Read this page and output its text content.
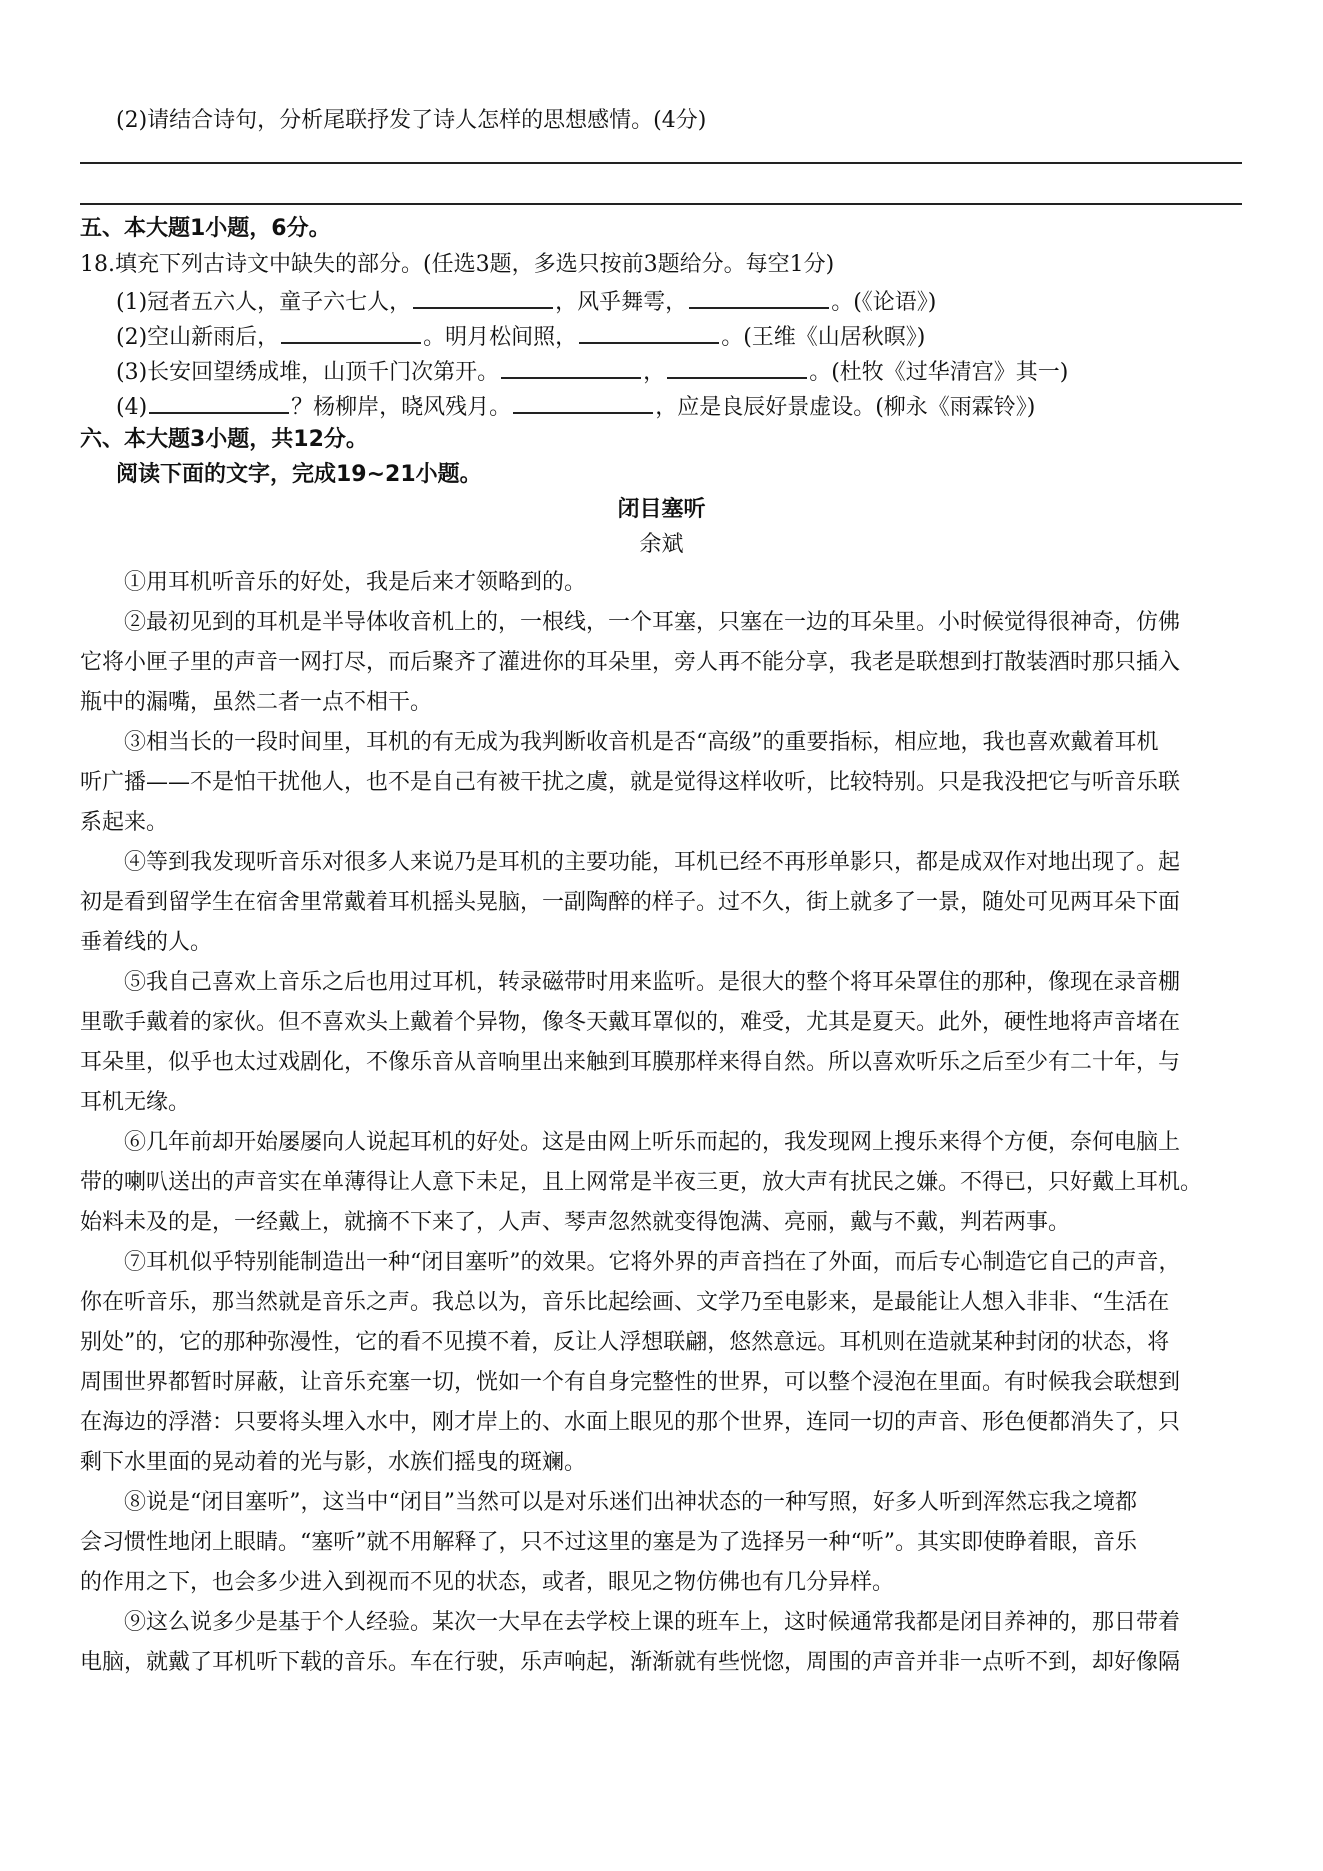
(2)请结合诗句，分析尾联抒发了诗人怎样的思想感情。(4分)
五、本大题1小题，6分。
18.填充下列古诗文中缺失的部分。(任选3题，多选只按前3题给分。每空1分)
(1)冠者五六人，童子六七人，	，风乎舞雩，	。(《论语》)
(2)空山新雨后，	。明月松间照，	。(王维《山居秋暝》)
(3)长安回望绣成堆，山顶千门次第开。	，	。(杜牧《过华清宫》其一)
(4)	？杨柳岸，晓风残月。	，应是良辰好景虚设。(柳永《雨霖铃》)
六、本大题3小题，共12分。
阅读下面的文字，完成19~21小题。
闭目塞听
余斌
①用耳机听音乐的好处，我是后来才领略到的。
②最初见到的耳机是半导体收音机上的，一根线，一个耳塞，只塞在一边的耳朵里。小时候觉得很神奇，仿佛
它将小匣子里的声音一网打尽，而后聚齐了灌进你的耳朵里，旁人再不能分享，我老是联想到打散装酒时那只插入
瓶中的漏嘴，虽然二者一点不相干。
③相当长的一段时间里，耳机的有无成为我判断收音机是否“高级”的重要指标，相应地，我也喜欢戴着耳机
听广播——不是怕干扰他人，也不是自己有被干扰之虞，就是觉得这样收听，比较特别。只是我没把它与听音乐联
系起来。
④等到我发现听音乐对很多人来说乃是耳机的主要功能，耳机已经不再形单影只，都是成双作对地出现了。起
初是看到留学生在宿舍里常戴着耳机摇头晃脑，一副陶醉的样子。过不久，街上就多了一景，随处可见两耳朵下面
垂着线的人。
⑤我自己喜欢上音乐之后也用过耳机，转录磁带时用来监听。是很大的整个将耳朵罩住的那种，像现在录音棚
里歌手戴着的家伙。但不喜欢头上戴着个异物，像冬天戴耳罩似的，难受，尤其是夏天。此外，硬性地将声音堵在
耳朵里，似乎也太过戏剧化，不像乐音从音响里出来触到耳膜那样来得自然。所以喜欢听乐之后至少有二十年，与
耳机无缘。
⑥几年前却开始屡屡向人说起耳机的好处。这是由网上听乐而起的，我发现网上搜乐来得个方便，奈何电脑上
带的喇叭送出的声音实在单薄得让人意下未足，且上网常是半夜三更，放大声有扰民之嫌。不得已，只好戴上耳机。
始料未及的是，一经戴上，就摘不下来了，人声、琴声忽然就变得饱满、亮丽，戴与不戴，判若两事。
⑦耳机似乎特别能制造出一种“闭目塞听”的效果。它将外界的声音挡在了外面，而后专心制造它自己的声音，
你在听音乐，那当然就是音乐之声。我总以为，音乐比起绘画、文学乃至电影来，是最能让人想入非非、“生活在
别处”的，它的那种弥漫性，它的看不见摸不着，反让人浮想联翩，悠然意远。耳机则在造就某种封闭的状态，将
周围世界都暂时屏蔽，让音乐充塞一切，恍如一个有自身完整性的世界，可以整个浸泡在里面。有时候我会联想到
在海边的浮潜：只要将头埋入水中，刚才岸上的、水面上眼见的那个世界，连同一切的声音、形色便都消失了，只
剩下水里面的晃动着的光与影，水族们摇曳的斑斓。
⑧说是“闭目塞听”，这当中“闭目”当然可以是对乐迷们出神状态的一种写照，好多人听到浑然忘我之境都
会习惯性地闭上眼睛。“塞听”就不用解释了，只不过这里的塞是为了选择另一种“听”。其实即使睁着眼，音乐
的作用之下，也会多少进入到视而不见的状态，或者，眼见之物仿佛也有几分异样。
⑨这么说多少是基于个人经验。某次一大早在去学校上课的班车上，这时候通常我都是闭目养神的，那日带着
电脑，就戴了耳机听下载的音乐。车在行驶，乐声响起，渐渐就有些恍惚，周围的声音并非一点听不到，却好像隔
